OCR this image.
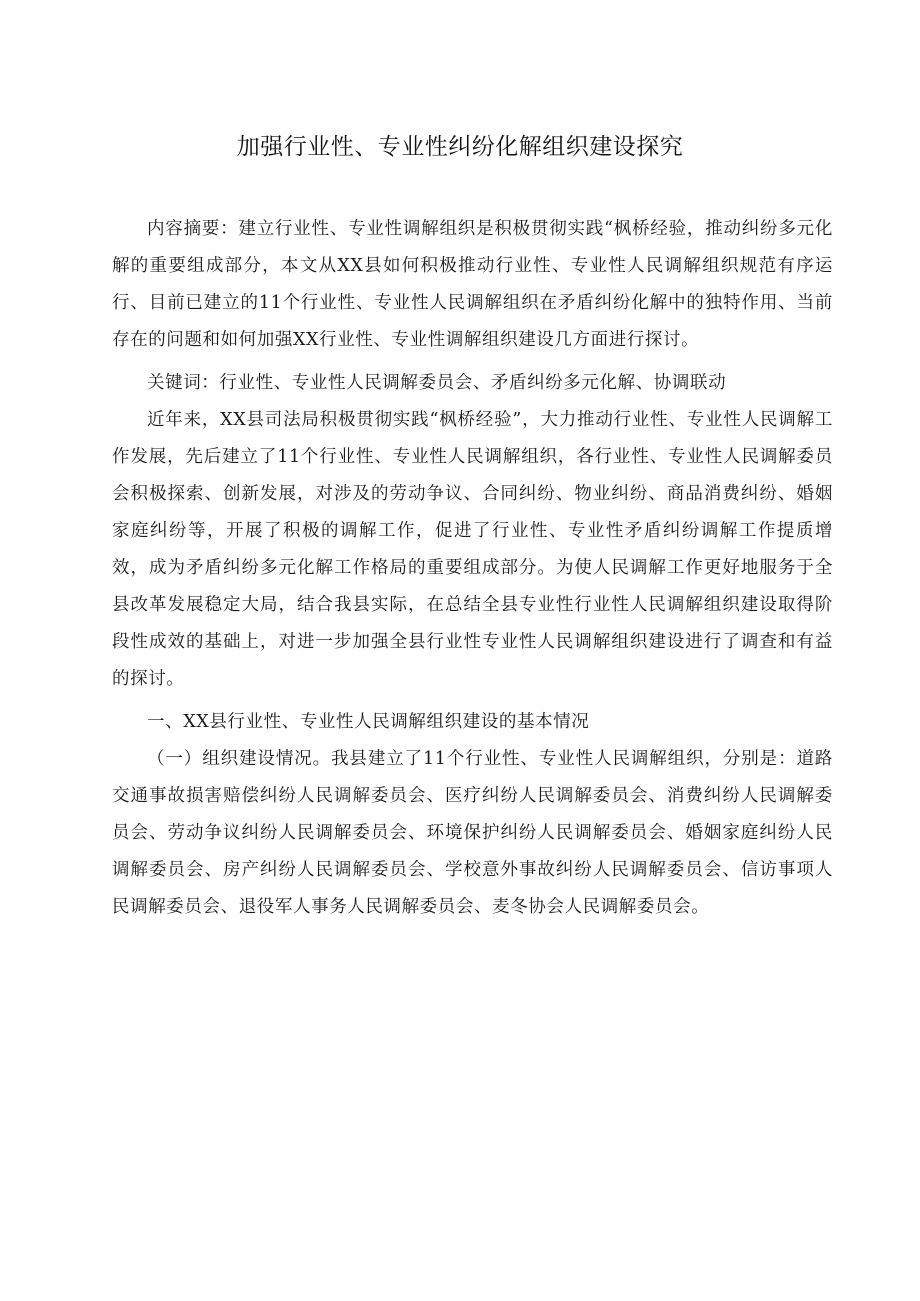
加强行业性、专业性纠纷化解组织建设探究

内容摘要：建立行业性、专业性调解组织是积极贯彻实践“枫桥经验，推动纠纷多元化解的重要组成部分，本文从XX县如何积极推动行业性、专业性人民调解组织规范有序运行、目前已建立的11个行业性、专业性人民调解组织在矛盾纠纷化解中的独特作用、当前存在的问题和如何加强XX行业性、专业性调解组织建设几方面进行探讨。

关键词：行业性、专业性人民调解委员会、矛盾纠纷多元化解、协调联动

近年来，XX县司法局积极贯彻实践“枫桥经验”，大力推动行业性、专业性人民调解工作发展，先后建立了11个行业性、专业性人民调解组织，各行业性、专业性人民调解委员会积极探索、创新发展，对涉及的劳动争议、合同纠纷、物业纠纷、商品消费纠纷、婚姻家庭纠纷等，开展了积极的调解工作，促进了行业性、专业性矛盾纠纷调解工作提质增效，成为矛盾纠纷多元化解工作格局的重要组成部分。为使人民调解工作更好地服务于全县改革发展稳定大局，结合我县实际，在总结全县专业性行业性人民调解组织建设取得阶段性成效的基础上，对进一步加强全县行业性专业性人民调解组织建设进行了调查和有益的探讨。

一、XX县行业性、专业性人民调解组织建设的基本情况

（一）组织建设情况。我县建立了11个行业性、专业性人民调解组织，分别是：道路交通事故损害赔偿纠纷人民调解委员会、医疗纠纷人民调解委员会、消费纠纷人民调解委员会、劳动争议纠纷人民调解委员会、环境保护纠纷人民调解委员会、婚姻家庭纠纷人民调解委员会、房产纠纷人民调解委员会、学校意外事故纠纷人民调解委员会、信访事项人民调解委员会、退役军人事务人民调解委员会、麦冬协会人民调解委员会。
